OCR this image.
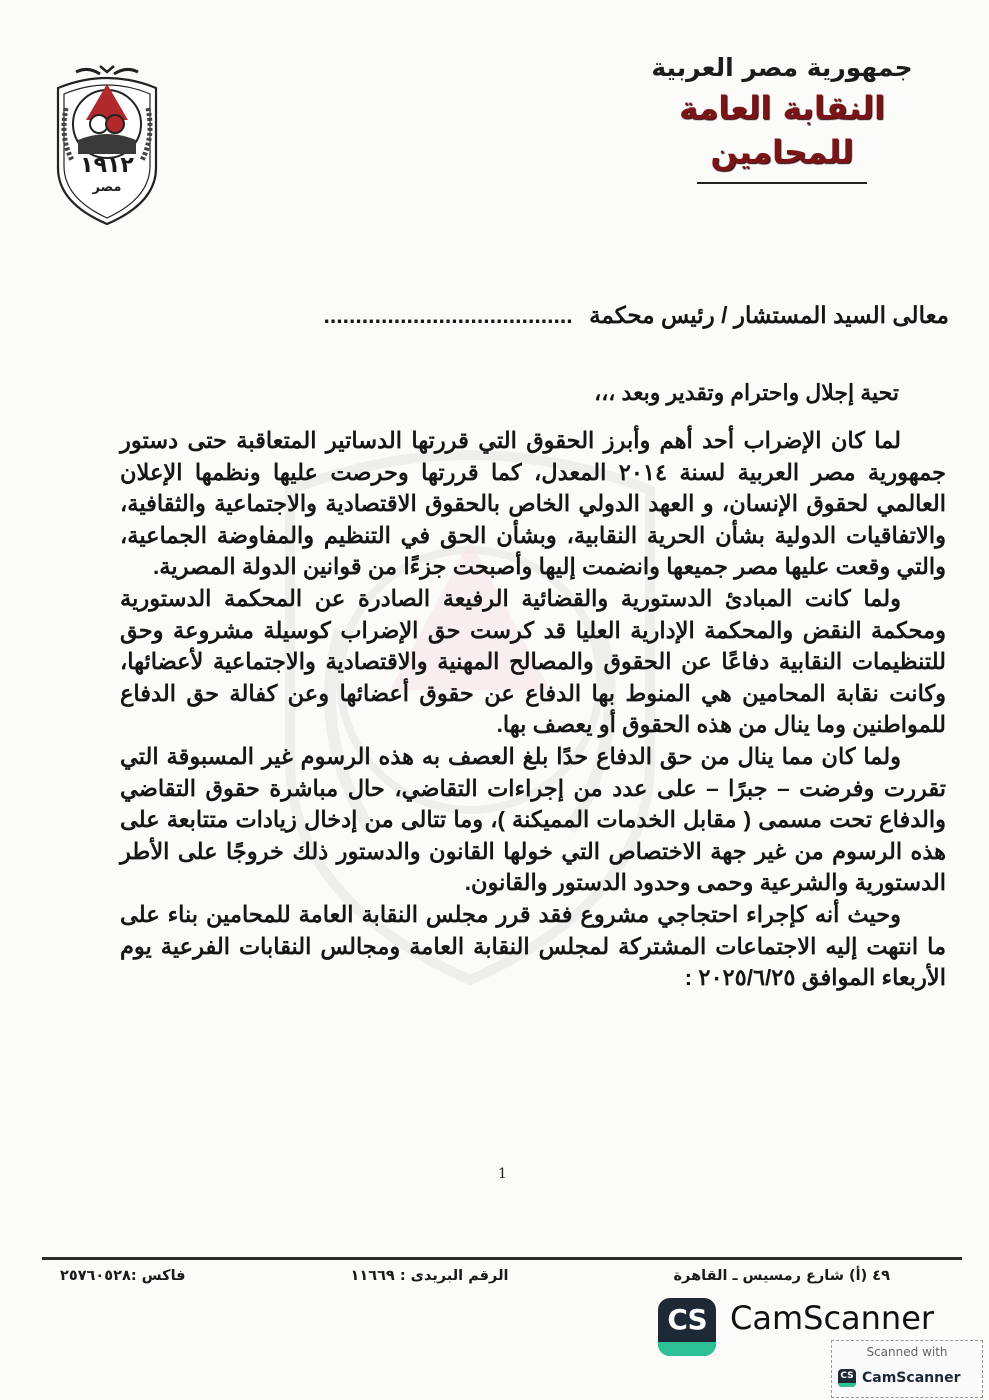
١٩١٢
مصر
جمهورية مصر العربية
النقابة العامة للمحامين
معالى السيد المستشار / رئيس محكمة .......................................
تحية إجلال واحترام وتقدير وبعد ،،،

لما كان الإضراب أحد أهم وأبرز الحقوق التي قررتها الدساتير المتعاقبة حتى دستور جمهورية مصر العربية لسنة ٢٠١٤ المعدل، كما قررتها وحرصت عليها ونظمها الإعلان العالمي لحقوق الإنسان، و العهد الدولي الخاص بالحقوق الاقتصادية والاجتماعية والثقافية، والاتفاقيات الدولية بشأن الحرية النقابية، وبشأن الحق في التنظيم والمفاوضة الجماعية، والتي وقعت عليها مصر جميعها وانضمت إليها وأصبحت جزءًا من قوانين الدولة المصرية.

ولما كانت المبادئ الدستورية والقضائية الرفيعة الصادرة عن المحكمة الدستورية ومحكمة النقض والمحكمة الإدارية العليا قد كرست حق الإضراب كوسيلة مشروعة وحق للتنظيمات النقابية دفاعًا عن الحقوق والمصالح المهنية والاقتصادية والاجتماعية لأعضائها، وكانت نقابة المحامين هي المنوط بها الدفاع عن حقوق أعضائها وعن كفالة حق الدفاع للمواطنين وما ينال من هذه الحقوق أو يعصف بها.

ولما كان مما ينال من حق الدفاع حدًا بلغ العصف به هذه الرسوم غير المسبوقة التي تقررت وفرضت – جبرًا – على عدد من إجراءات التقاضي، حال مباشرة حقوق التقاضي والدفاع تحت مسمى ( مقابل الخدمات المميكنة )، وما تتالى من إدخال زيادات متتابعة على هذه الرسوم من غير جهة الاختصاص التي خولها القانون والدستور ذلك خروجًا على الأطر الدستورية والشرعية وحمى وحدود الدستور والقانون.

وحيث أنه كإجراء احتجاجي مشروع فقد قرر مجلس النقابة العامة للمحامين بناء على ما انتهت إليه الاجتماعات المشتركة لمجلس النقابة العامة ومجالس النقابات الفرعية يوم الأربعاء الموافق ٢٠٢٥/٦/٢٥ :

1
٤٩ (أ) شارع رمسيس ـ القاهرة
الرقم البريدى : ١١٦٦٩
فاكس :٢٥٧٦٠٥٢٨
CS CamScanner
Scanned with
CS CamScanner
